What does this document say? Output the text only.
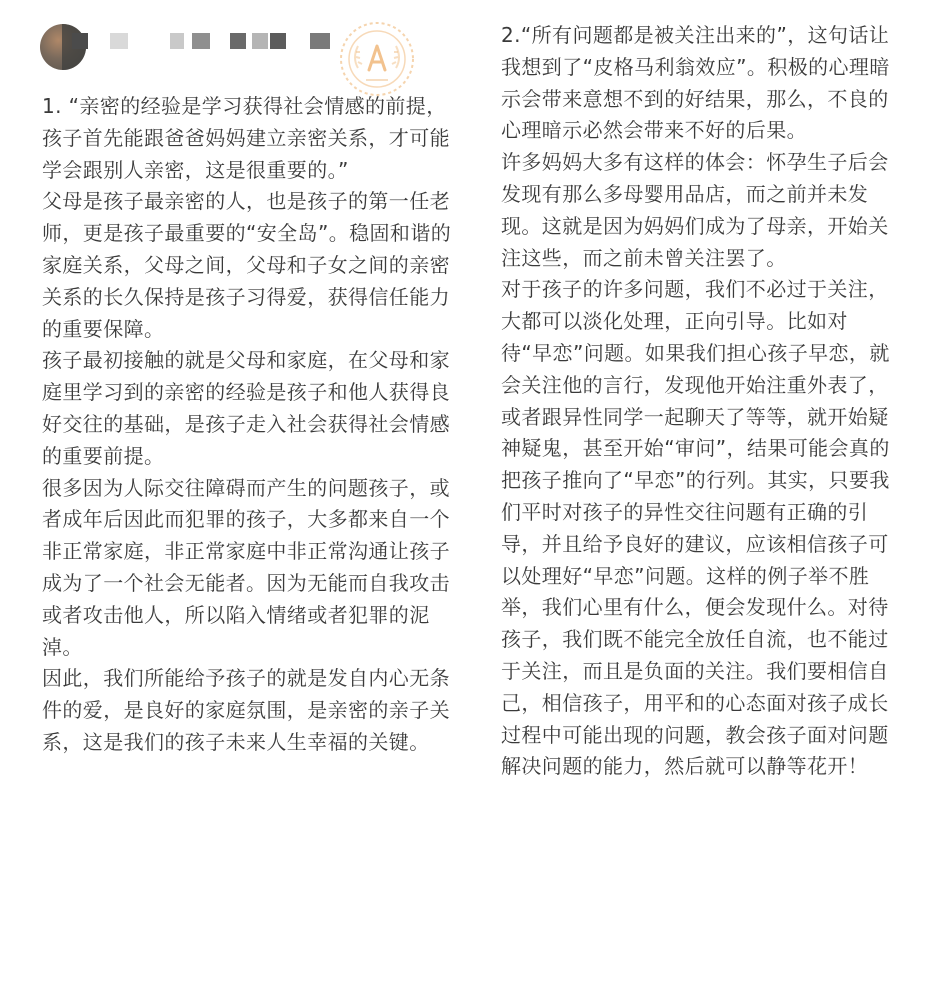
1. “亲密的经验是学习获得社会情感的前提，孩子首先能跟爸爸妈妈建立亲密关系，才可能学会跟别人亲密，这是很重要的。”

父母是孩子最亲密的人，也是孩子的第一任老师，更是孩子最重要的“安全岛”。稳固和谐的家庭关系，父母之间，父母和子女之间的亲密关系的长久保持是孩子习得爱，获得信任能力的重要保障。

孩子最初接触的就是父母和家庭，在父母和家庭里学习到的亲密的经验是孩子和他人获得良好交往的基础，是孩子走入社会获得社会情感的重要前提。

很多因为人际交往障碍而产生的问题孩子，或者成年后因此而犯罪的孩子，大多都来自一个非正常家庭，非正常家庭中非正常沟通让孩子成为了一个社会无能者。因为无能而自我攻击或者攻击他人，所以陷入情绪或者犯罪的泥淖。

因此，我们所能给予孩子的就是发自内心无条件的爱，是良好的家庭氛围，是亲密的亲子关系，这是我们的孩子未来人生幸福的关键。

2.“所有问题都是被关注出来的”，这句话让我想到了“皮格马利翁效应”。积极的心理暗示会带来意想不到的好结果，那么，不良的心理暗示必然会带来不好的后果。

许多妈妈大多有这样的体会：怀孕生子后会发现有那么多母婴用品店，而之前并未发现。这就是因为妈妈们成为了母亲，开始关注这些，而之前未曾关注罢了。

对于孩子的许多问题，我们不必过于关注，大都可以淡化处理，正向引导。比如对待“早恋”问题。如果我们担心孩子早恋，就会关注他的言行，发现他开始注重外表了，或者跟异性同学一起聊天了等等，就开始疑神疑鬼，甚至开始“审问”，结果可能会真的把孩子推向了“早恋”的行列。其实，只要我们平时对孩子的异性交往问题有正确的引导，并且给予良好的建议，应该相信孩子可以处理好“早恋”问题。这样的例子举不胜举，我们心里有什么，便会发现什么。对待孩子，我们既不能完全放任自流，也不能过于关注，而且是负面的关注。我们要相信自己，相信孩子，用平和的心态面对孩子成长过程中可能出现的问题，教会孩子面对问题解决问题的能力，然后就可以静等花开！
